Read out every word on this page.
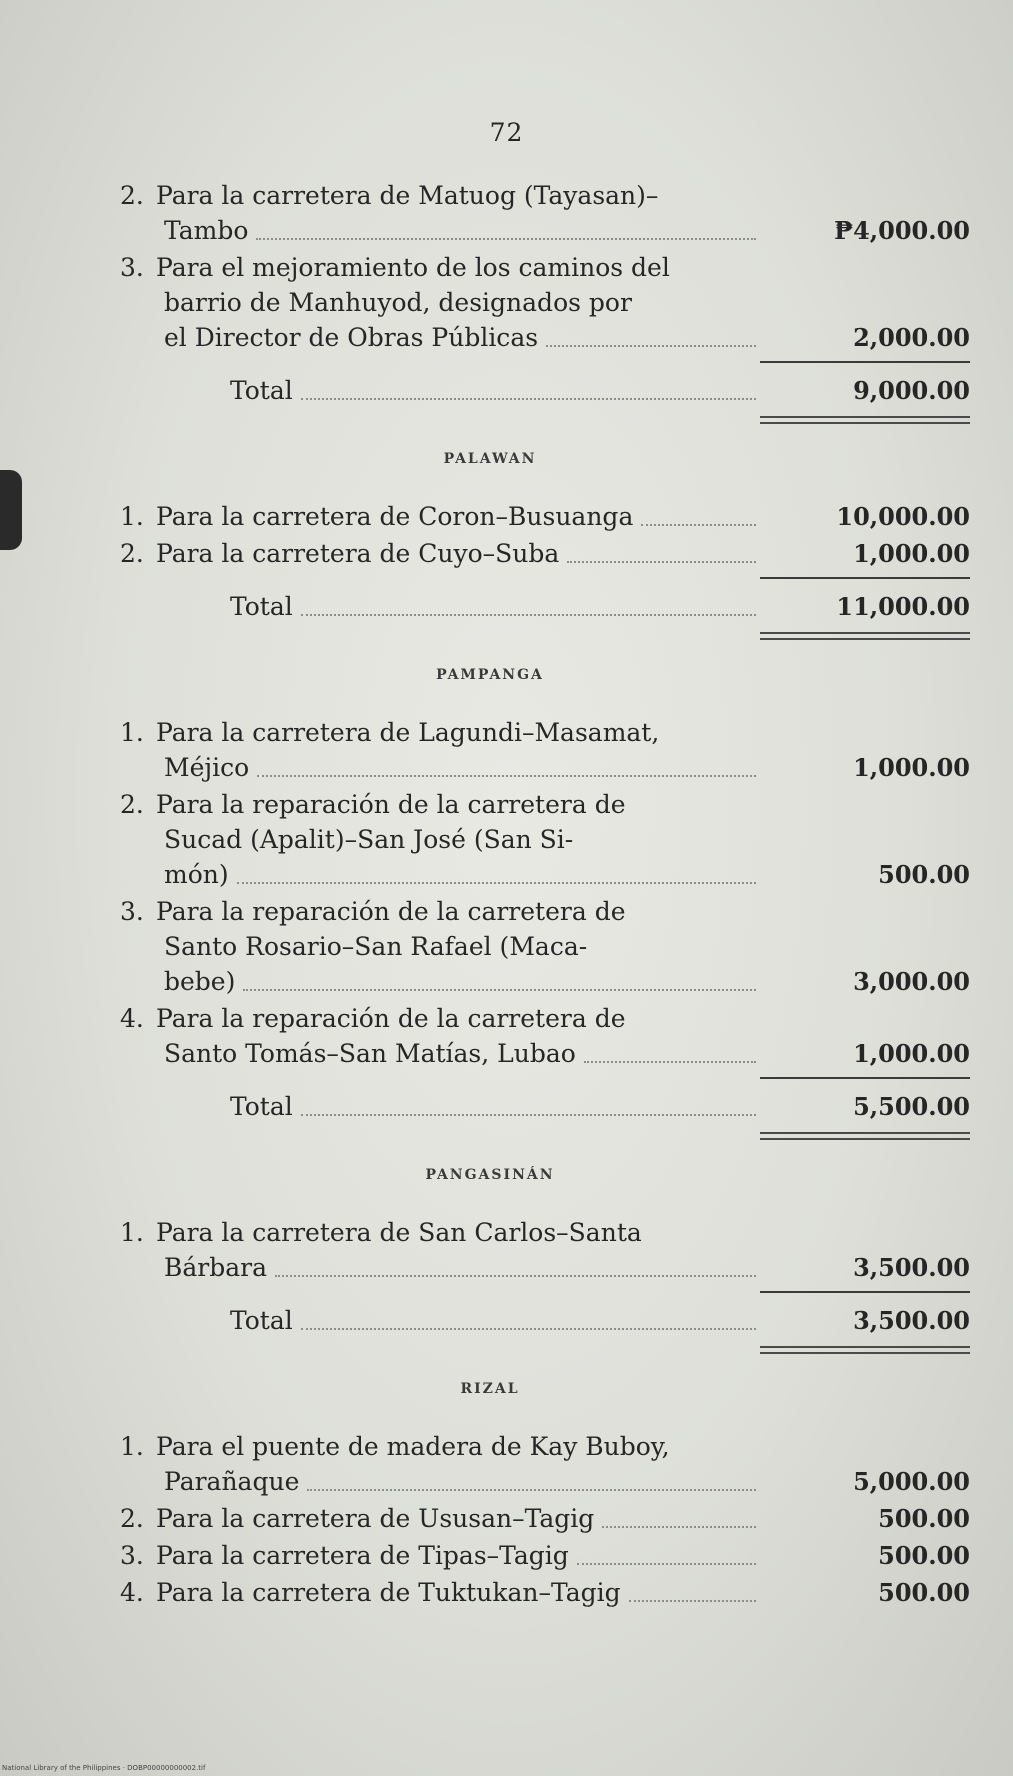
72
2. Para la carretera de Matuog (Tayasan)–
Tambo	₱4,000.00
3. Para el mejoramiento de los caminos del
barrio de Manhuyod, designados por
el Director de Obras Públicas	2,000.00
Total	9,000.00
PALAWAN
1. Para la carretera de Coron–Busuanga	10,000.00
2. Para la carretera de Cuyo–Suba	1,000.00
Total	11,000.00
PAMPANGA
1. Para la carretera de Lagundi–Masamat,
Méjico	1,000.00
2. Para la reparación de la carretera de
Sucad (Apalit)–San José (San Si-
món)	500.00
3. Para la reparación de la carretera de
Santo Rosario–San Rafael (Maca-
bebe)	3,000.00
4. Para la reparación de la carretera de
Santo Tomás–San Matías, Lubao	1,000.00
Total	5,500.00
PANGASINÁN
1. Para la carretera de San Carlos–Santa
Bárbara	3,500.00
Total	3,500.00
RIZAL
1. Para el puente de madera de Kay Buboy,
Parañaque	5,000.00
2. Para la carretera de Ususan–Tagig	500.00
3. Para la carretera de Tipas–Tagig	500.00
4. Para la carretera de Tuktukan–Tagig	500.00
National Library of the Philippines · DOBP00000000002.tif
